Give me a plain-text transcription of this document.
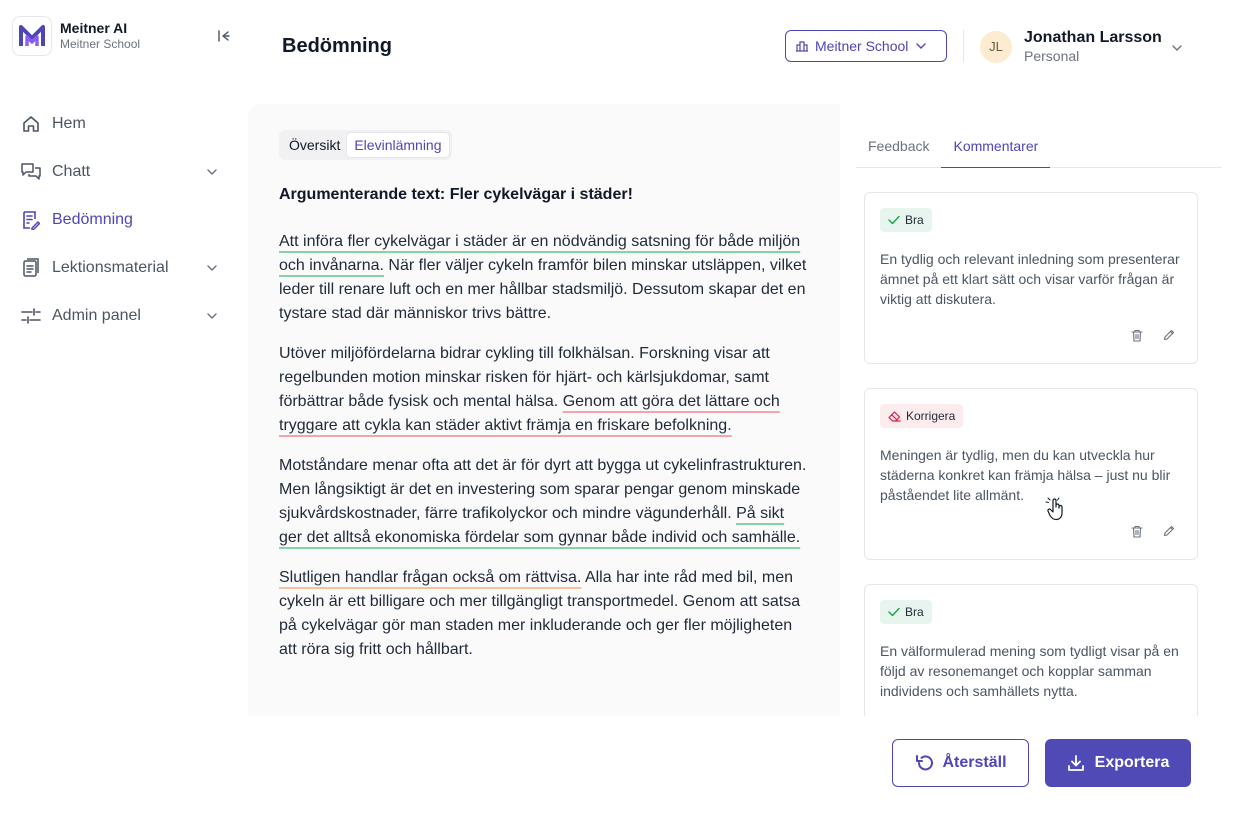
Meitner AI
Meitner School
Hem
Chatt
Bedömning
Lektionsmaterial
Admin panel
Bedömning	Meitner School	JL
Jonathan Larsson
Personal
Översikt	Elevinlämning
Argumenterande text: Fler cykelvägar i städer!

Att införa fler cykelvägar i städer är en nödvändig satsning för både miljön och invånarna. När fler väljer cykeln framför bilen minskar utsläppen, vilket leder till renare luft och en mer hållbar stadsmiljö. Dessutom skapar det en tystare stad där människor trivs bättre.

Utöver miljöfördelarna bidrar cykling till folkhälsan. Forskning visar att regelbunden motion minskar risken för hjärt- och kärlsjukdomar, samt förbättrar både fysisk och mental hälsa. Genom att göra det lättare och tryggare att cykla kan städer aktivt främja en friskare befolkning.

Motståndare menar ofta att det är för dyrt att bygga ut cykelinfrastrukturen. Men långsiktigt är det en investering som sparar pengar genom minskade sjukvårdskostnader, färre trafikolyckor och mindre vägunderhåll. På sikt ger det alltså ekonomiska fördelar som gynnar både individ och samhälle.

Slutligen handlar frågan också om rättvisa. Alla har inte råd med bil, men cykeln är ett billigare och mer tillgängligt transportmedel. Genom att satsa på cykelvägar gör man staden mer inkluderande och ger fler möjligheten att röra sig fritt och hållbart.

Feedback	Kommentarer
Bra
En tydlig och relevant inledning som presenterar ämnet på ett klart sätt och visar varför frågan är viktig att diskutera.
Korrigera
Meningen är tydlig, men du kan utveckla hur städerna konkret kan främja hälsa – just nu blir påståendet lite allmänt.
Bra
En välformulerad mening som tydligt visar på en följd av resonemanget och kopplar samman individens och samhällets nytta.
Återställ	Exportera
